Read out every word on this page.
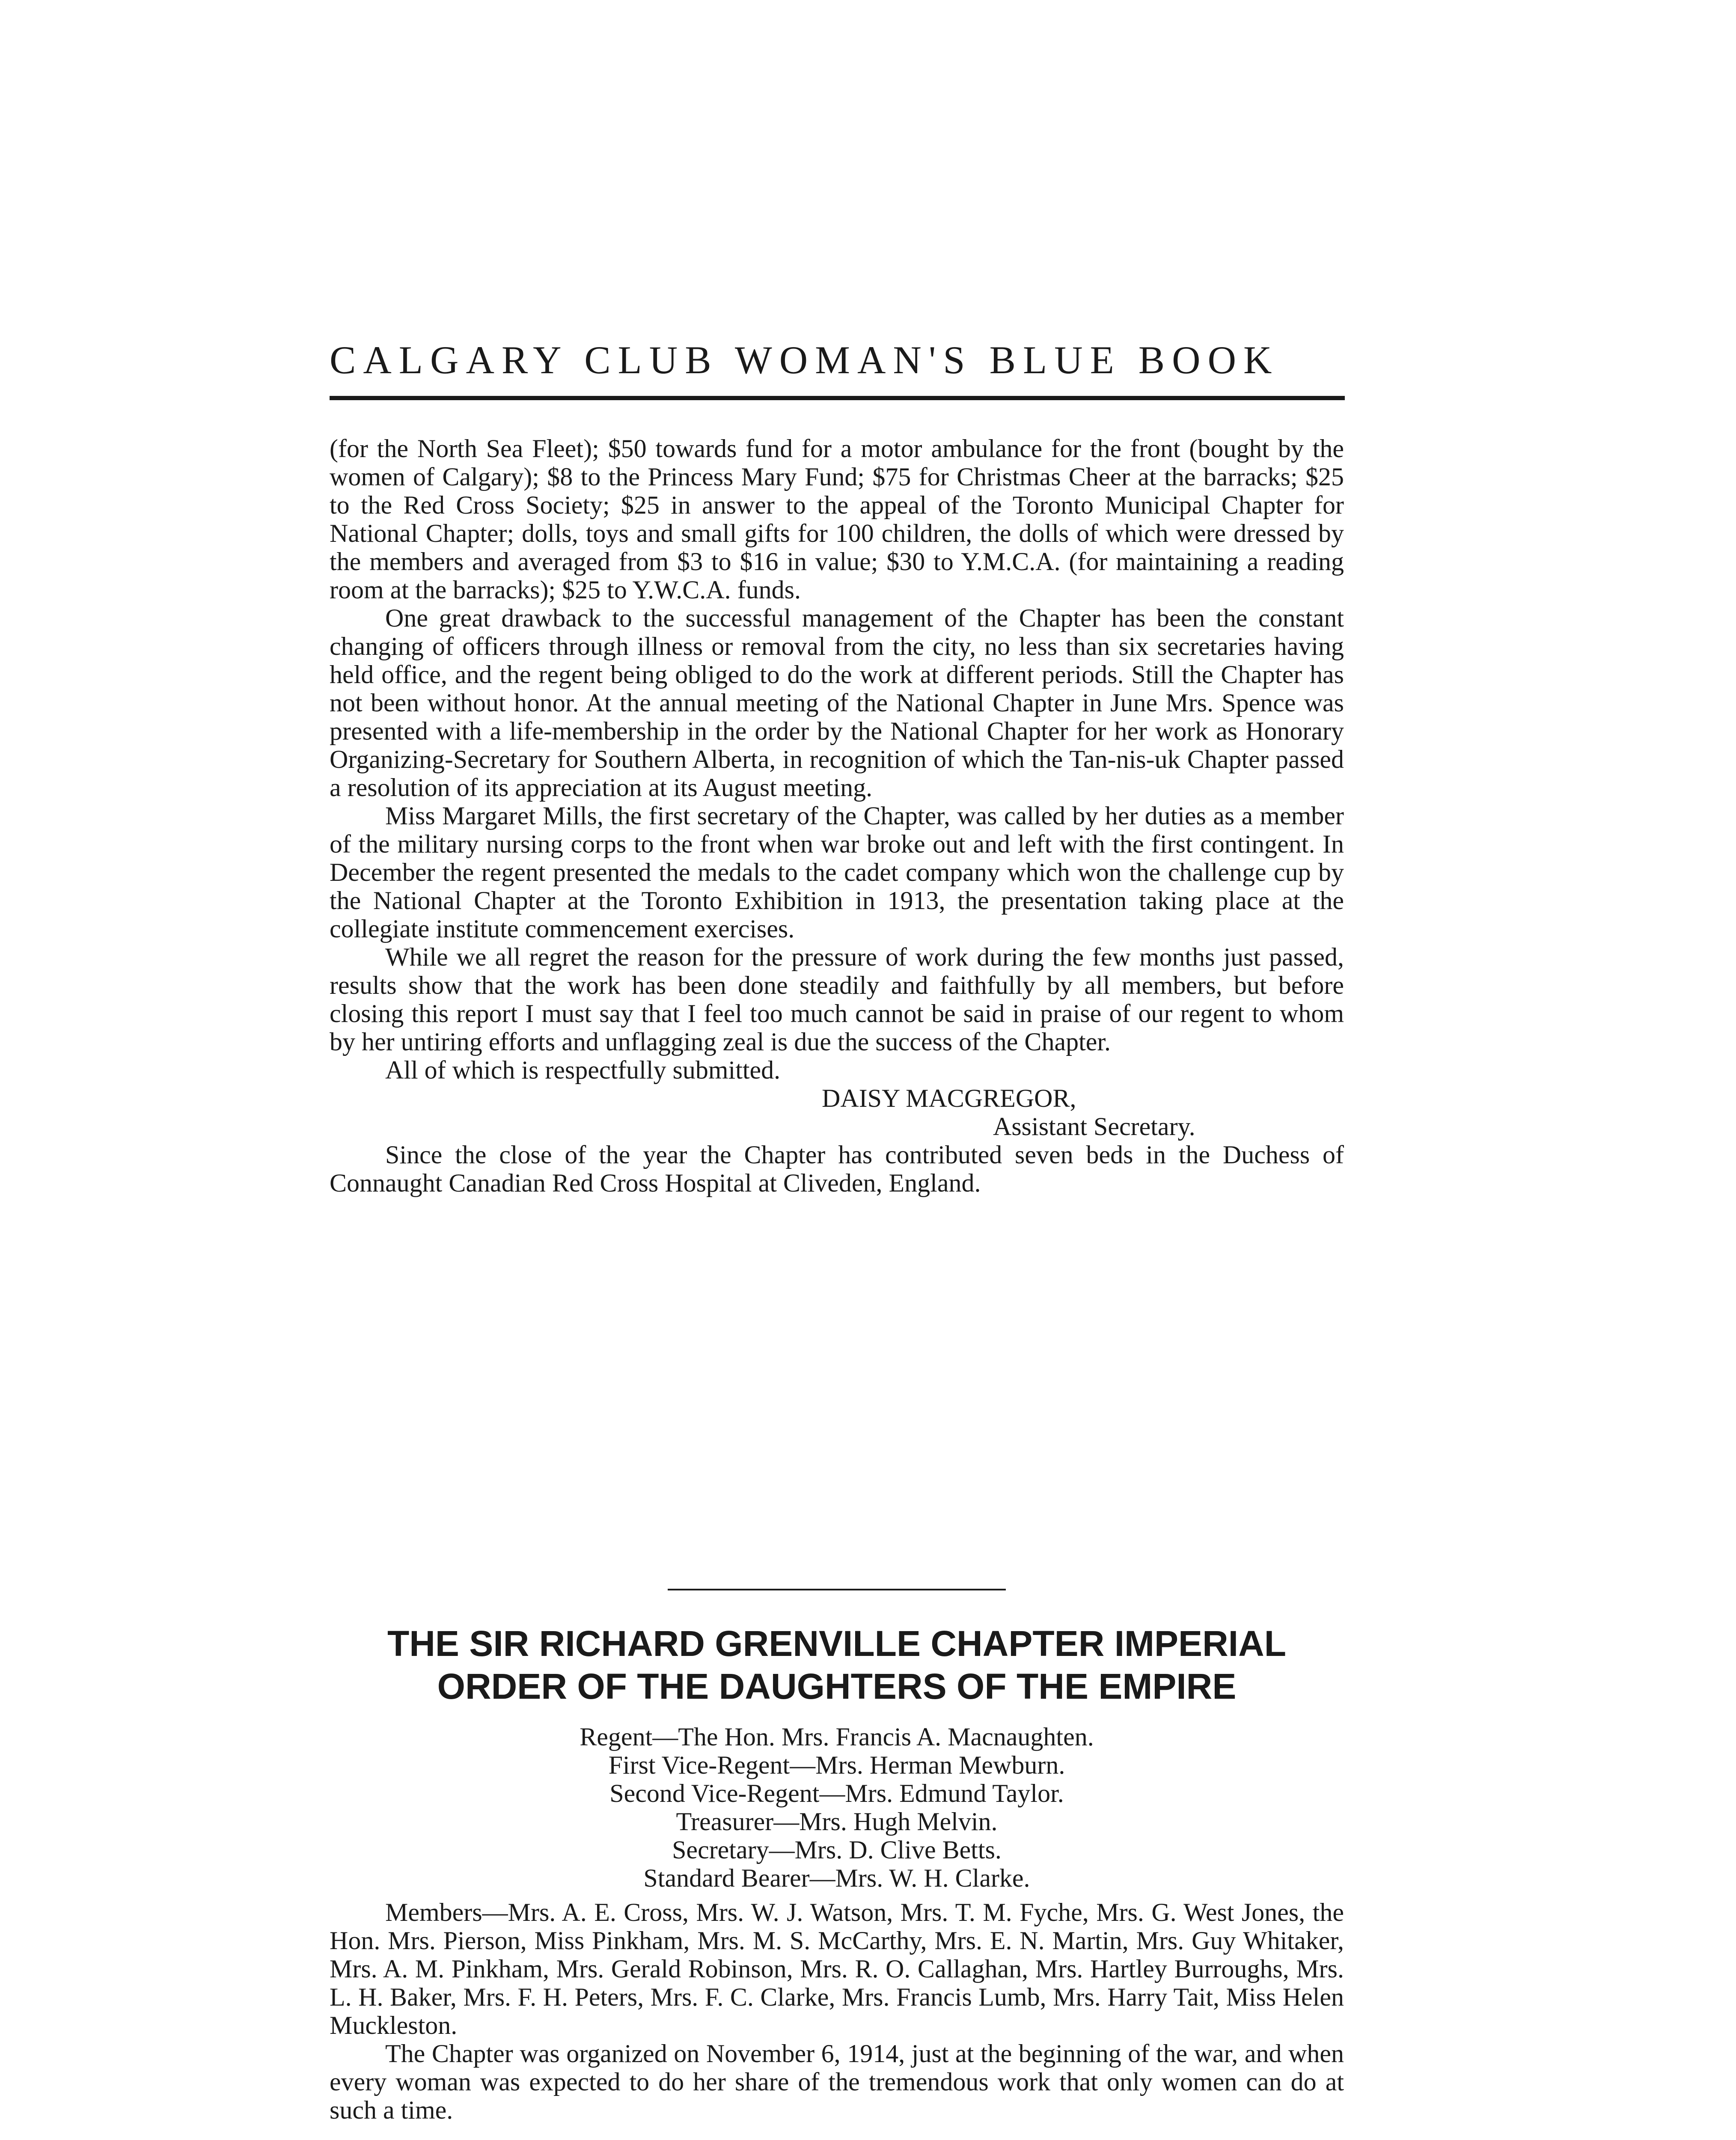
CALGARY CLUB WOMAN'S BLUE BOOK

(for the North Sea Fleet); $50 towards fund for a motor ambulance for the front (bought by the women of Calgary); $8 to the Princess Mary Fund; $75 for Christmas Cheer at the barracks; $25 to the Red Cross Society; $25 in answer to the appeal of the Toronto Municipal Chapter for National Chapter; dolls, toys and small gifts for 100 children, the dolls of which were dressed by the members and averaged from $3 to $16 in value; $30 to Y.M.C.A. (for maintaining a reading room at the barracks); $25 to Y.W.C.A. funds.

One great drawback to the successful management of the Chapter has been the constant changing of officers through illness or removal from the city, no less than six secretaries having held office, and the regent being obliged to do the work at different periods. Still the Chapter has not been without honor. At the annual meeting of the National Chapter in June Mrs. Spence was presented with a life-membership in the order by the National Chapter for her work as Honorary Organizing-Secretary for Southern Alberta, in recognition of which the Tan-nis-uk Chapter passed a resolution of its appreciation at its August meeting.

Miss Margaret Mills, the first secretary of the Chapter, was called by her duties as a member of the military nursing corps to the front when war broke out and left with the first contingent. In December the regent presented the medals to the cadet company which won the challenge cup by the National Chapter at the Toronto Exhibition in 1913, the presentation taking place at the collegiate institute commencement exercises.

While we all regret the reason for the pressure of work during the few months just passed, results show that the work has been done steadily and faithfully by all members, but before closing this report I must say that I feel too much cannot be said in praise of our regent to whom by her untiring efforts and unflagging zeal is due the success of the Chapter.

All of which is respectfully submitted.

DAISY MACGREGOR,

Assistant Secretary.

Since the close of the year the Chapter has contributed seven beds in the Duchess of Connaught Canadian Red Cross Hospital at Cliveden, England.

THE SIR RICHARD GRENVILLE CHAPTER IMPERIAL
ORDER OF THE DAUGHTERS OF THE EMPIRE
Regent—The Hon. Mrs. Francis A. Macnaughten.
First Vice-Regent—Mrs. Herman Mewburn.
Second Vice-Regent—Mrs. Edmund Taylor.
Treasurer—Mrs. Hugh Melvin.
Secretary—Mrs. D. Clive Betts.
Standard Bearer—Mrs. W. H. Clarke.

Members—Mrs. A. E. Cross, Mrs. W. J. Watson, Mrs. T. M. Fyche, Mrs. G. West Jones, the Hon. Mrs. Pierson, Miss Pinkham, Mrs. M. S. McCarthy, Mrs. E. N. Martin, Mrs. Guy Whitaker, Mrs. A. M. Pinkham, Mrs. Gerald Robinson, Mrs. R. O. Callaghan, Mrs. Hartley Burroughs, Mrs. L. H. Baker, Mrs. F. H. Peters, Mrs. F. C. Clarke, Mrs. Francis Lumb, Mrs. Harry Tait, Miss Helen Muckleston.

The Chapter was organized on November 6, 1914, just at the beginning of the war, and when every woman was expected to do her share of the tremendous work that only women can do at such a time.
